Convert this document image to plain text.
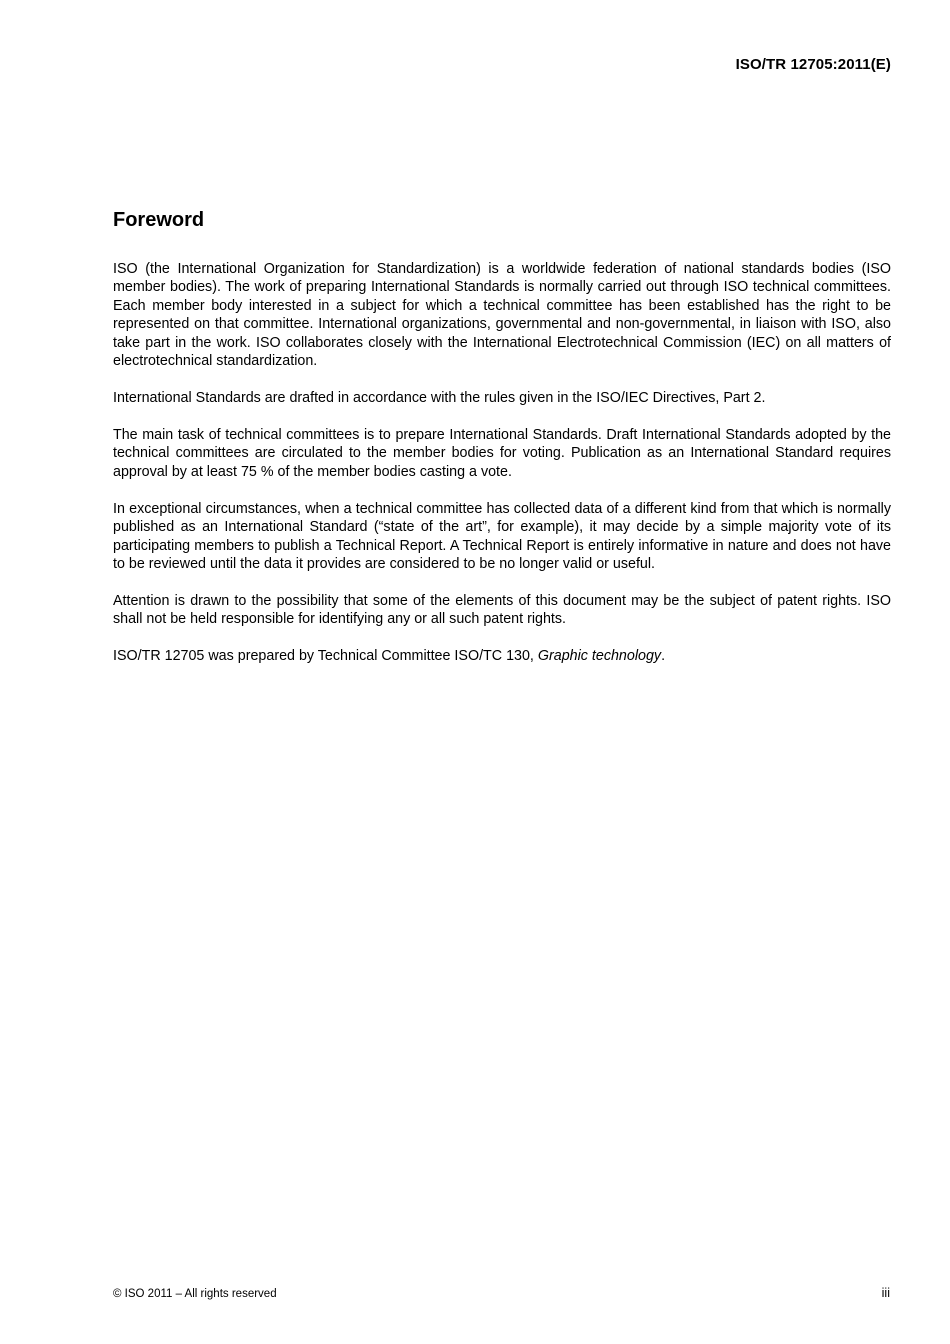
ISO/TR 12705:2011(E)
Foreword

ISO (the International Organization for Standardization) is a worldwide federation of national standards bodies (ISO member bodies). The work of preparing International Standards is normally carried out through ISO technical committees. Each member body interested in a subject for which a technical committee has been established has the right to be represented on that committee. International organizations, governmental and non-governmental, in liaison with ISO, also take part in the work. ISO collaborates closely with the International Electrotechnical Commission (IEC) on all matters of electrotechnical standardization.

International Standards are drafted in accordance with the rules given in the ISO/IEC Directives, Part 2.

The main task of technical committees is to prepare International Standards. Draft International Standards adopted by the technical committees are circulated to the member bodies for voting. Publication as an International Standard requires approval by at least 75 % of the member bodies casting a vote.

In exceptional circumstances, when a technical committee has collected data of a different kind from that which is normally published as an International Standard (“state of the art”, for example), it may decide by a simple majority vote of its participating members to publish a Technical Report. A Technical Report is entirely informative in nature and does not have to be reviewed until the data it provides are considered to be no longer valid or useful.

Attention is drawn to the possibility that some of the elements of this document may be the subject of patent rights. ISO shall not be held responsible for identifying any or all such patent rights.

ISO/TR 12705 was prepared by Technical Committee ISO/TC 130, Graphic technology.

© ISO 2011 – All rights reserved	iii
